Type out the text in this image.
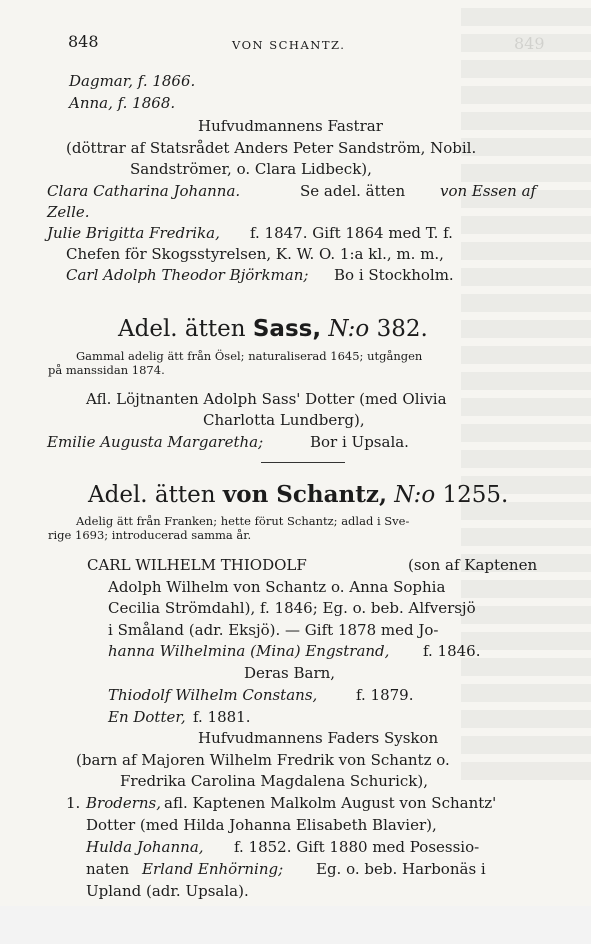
848	VON SCHANTZ.	849
Dagmar, f. 1866.
Anna, f. 1868.
Hufvudmannens Fastrar
(döttrar af Statsrådet Anders Peter Sandström, Nobil.
Sandströmer, o. Clara Lidbeck),
Clara Catharina Johanna.	Se adel. ätten von Essen af
Zelle.
Julie Brigitta Fredrika, f. 1847. Gift 1864 med T. f.
Chefen för Skogsstyrelsen, K. W. O. 1:a kl., m. m.,
Carl Adolph Theodor Björkman; Bo i Stockholm.
Adel. ätten Sass, N:o 382.
Gammal adelig ätt från Ösel; naturaliserad 1645; utgången
på manssidan 1874.
Afl. Löjtnanten Adolph Sass' Dotter (med Olivia
Charlotta Lundberg),
Emilie Augusta Margaretha;	Bor i Upsala.
Adel. ätten von Schantz, N:o 1255.
Adelig ätt från Franken; hette förut Schantz; adlad i Sve-
rige 1693; introducerad samma år.
CARL WILHELM THIODOLF	(son af Kaptenen
Adolph Wilhelm von Schantz o. Anna Sophia
Cecilia Strömdahl), f. 1846; Eg. o. beb. Alfversjö
i Småland (adr. Eksjö). — Gift 1878 med Jo-
hanna Wilhelmina (Mina) Engstrand, f. 1846.
Deras Barn,
Thiodolf Wilhelm Constans,	f. 1879.
En Dotter, f. 1881.
Hufvudmannens Faders Syskon
(barn af Majoren Wilhelm Fredrik von Schantz o.
Fredrika Carolina Magdalena Schurick),
1. Broderns, afl. Kaptenen Malkolm August von Schantz'
Dotter (med Hilda Johanna Elisabeth Blavier),
Hulda Johanna, f. 1852. Gift 1880 med Posessio-
naten Erland Enhörning; Eg. o. beb. Harbonäs i
Upland (adr. Upsala).
